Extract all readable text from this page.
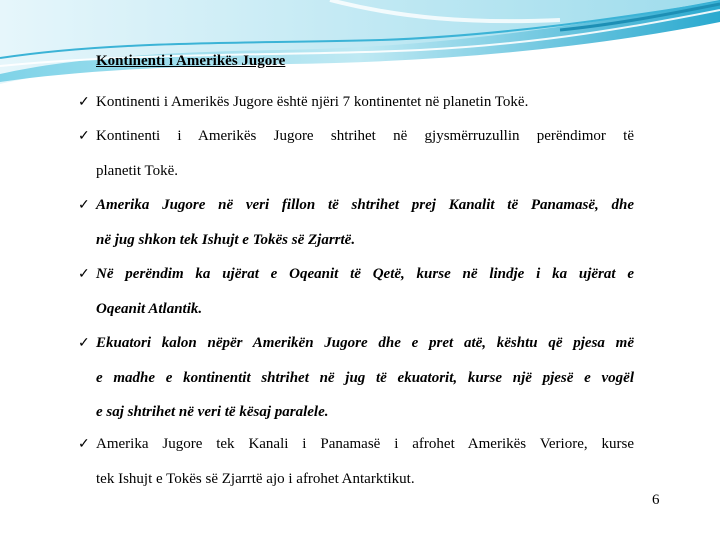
Kontinenti i Amerikës Jugore
✓ Kontinenti i Amerikës Jugore është njëri 7 kontinentet në planetin Tokë.
✓ Kontinenti i Amerikës Jugore shtrihet në gjysmërruzullin perëndimor të
planetit Tokë.
✓ Amerika Jugore në veri fillon të shtrihet prej Kanalit të Panamasë, dhe
në jug shkon tek Ishujt e Tokës së Zjarrtë.
✓ Në perëndim ka ujërat e Oqeanit të Qetë, kurse në lindje i ka ujërat e
Oqeanit Atlantik.
✓ Ekuatori kalon nëpër Amerikën Jugore dhe e pret atë, kështu që pjesa më
e madhe e kontinentit shtrihet në jug të ekuatorit, kurse një pjesë e vogël
e saj shtrihet në veri të kësaj paralele.
✓ Amerika Jugore tek Kanali i Panamasë i afrohet Amerikës Veriore, kurse
tek Ishujt e Tokës së Zjarrtë ajo i afrohet Antarktikut.
6
